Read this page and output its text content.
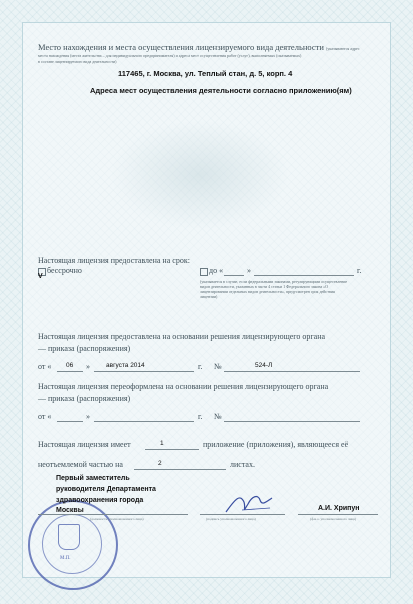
Место нахождения и места осуществления лицензируемого вида деятельности (указываются адрес
места нахождения (места жительства – для индивидуального предпринимателя) и адреса мест осуществления работ (услуг), выполняемых (оказываемых)
в составе лицензируемого вида деятельности)
117465, г. Москва, ул. Теплый стан, д. 5, корп. 4
Адреса мест осуществления деятельности согласно приложению(ям)
Настоящая лицензия предоставлена на срок:
V
бессрочно	до «	»	г.
(указывается в случае, если федеральными законами, регулирующими осуществление видов деятельности, указанных в части 4 статьи 1 Федерального закона «О лицензировании отдельных видов деятельности», предусмотрен срок действия лицензии)
Настоящая лицензия предоставлена на основании решения лицензирующего органа
— приказа (распоряжения)
от « 06 » августа 2014	г. №	524-Л
Настоящая лицензия переоформлена на основании решения лицензирующего органа
— приказа (распоряжения)
от «	»	г. №
Настоящая лицензия имеет	1	приложение (приложения), являющееся её
неотъемлемой частью на	2	листах.
М.П.
Первый заместитель
руководителя Департамента
здравоохранения города
Москвы
(должность уполномоченного лица)	(подпись уполномоченного лица)
А.И. Хрипун
(ф.и.о. уполномоченного лица)
